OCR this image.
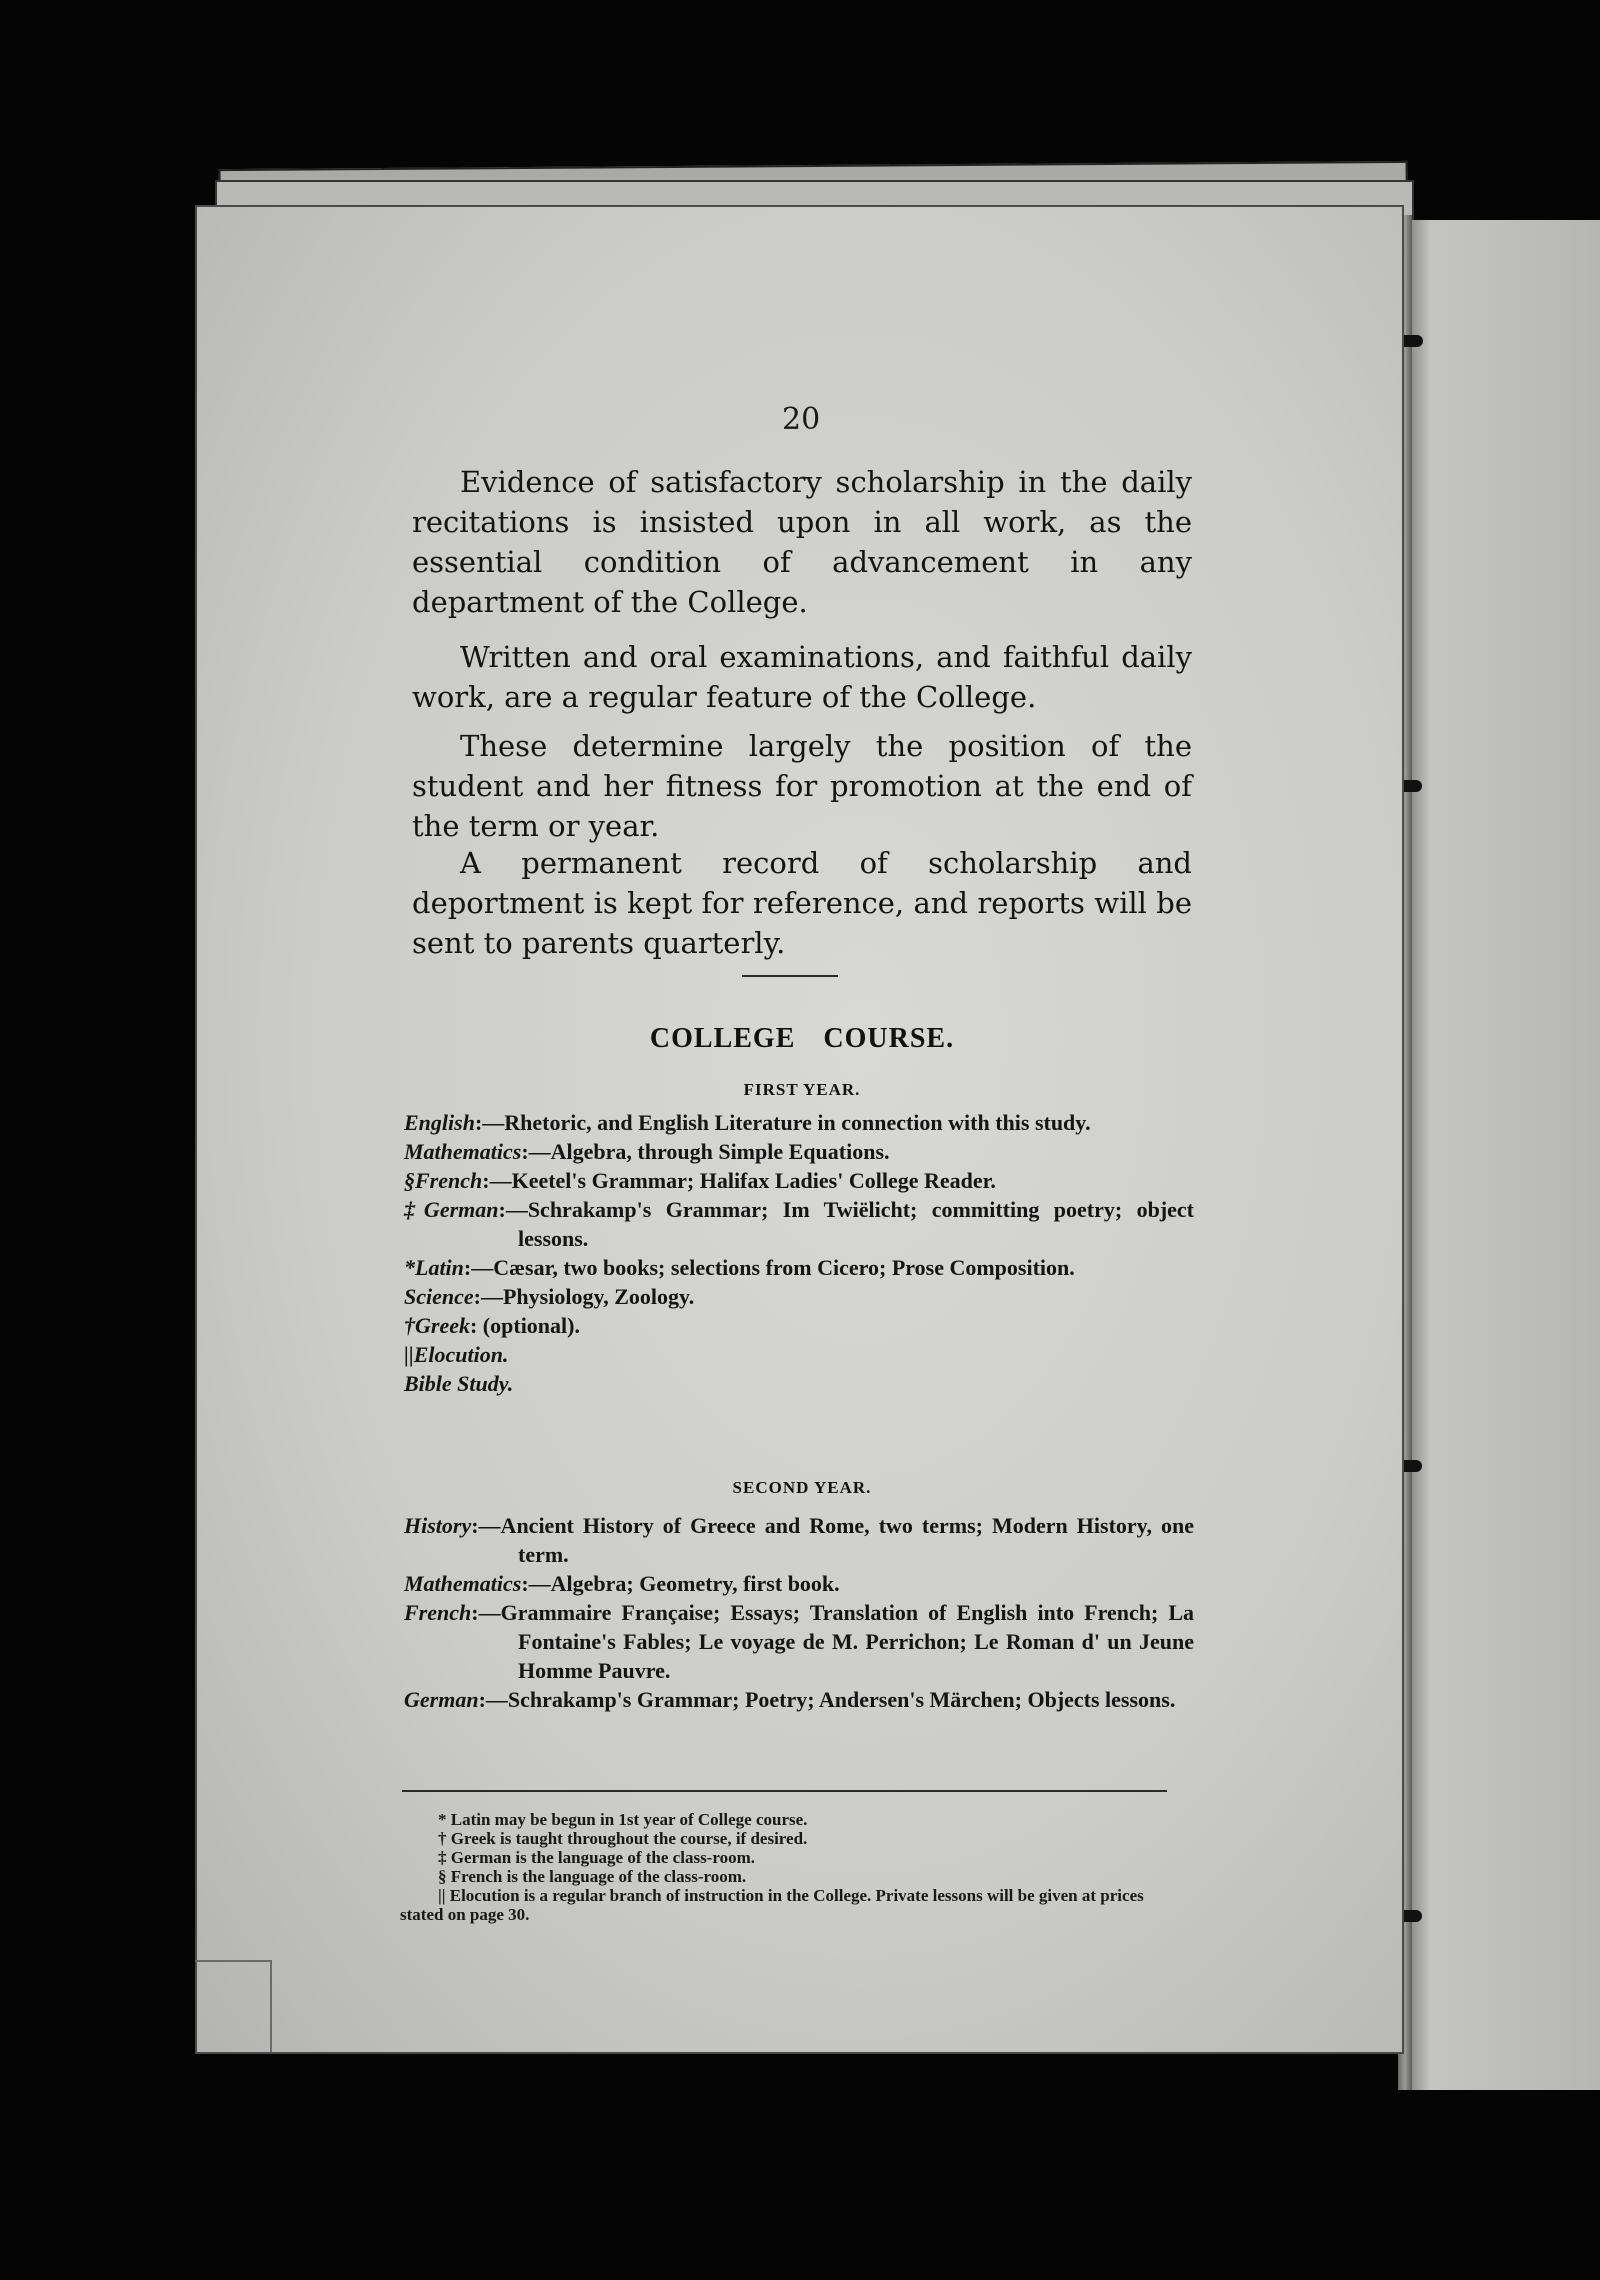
20

Evidence of satisfactory scholarship in the daily recitations is insisted upon in all work, as the essential condition of advancement in any department of the College.

Written and oral examinations, and faithful daily work, are a regular feature of the College.

These determine largely the position of the student and her fitness for promotion at the end of the term or year.

A permanent record of scholarship and deportment is kept for reference, and reports will be sent to parents quarterly.

COLLEGE COURSE.
FIRST YEAR.
English:—Rhetoric, and English Literature in connection with this study.
Mathematics:—Algebra, through Simple Equations.
§French:—Keetel's Grammar; Halifax Ladies' College Reader.
‡German:—Schrakamp's Grammar; Im Twiëlicht; committing poetry; object lessons.
*Latin:—Cæsar, two books; selections from Cicero; Prose Composition.
Science:—Physiology, Zoology.
†Greek: (optional).
||Elocution.
Bible Study.
SECOND YEAR.
History:—Ancient History of Greece and Rome, two terms; Modern History, one term.
Mathematics:—Algebra; Geometry, first book.
French:—Grammaire Française; Essays; Translation of English into French; La Fontaine's Fables; Le voyage de M. Perrichon; Le Roman d' un Jeune Homme Pauvre.
German:—Schrakamp's Grammar; Poetry; Andersen's Märchen; Objects lessons.
* Latin may be begun in 1st year of College course.
† Greek is taught throughout the course, if desired.
‡ German is the language of the class-room.
§ French is the language of the class-room.
|| Elocution is a regular branch of instruction in the College. Private lessons will be given at prices stated on page 30.
